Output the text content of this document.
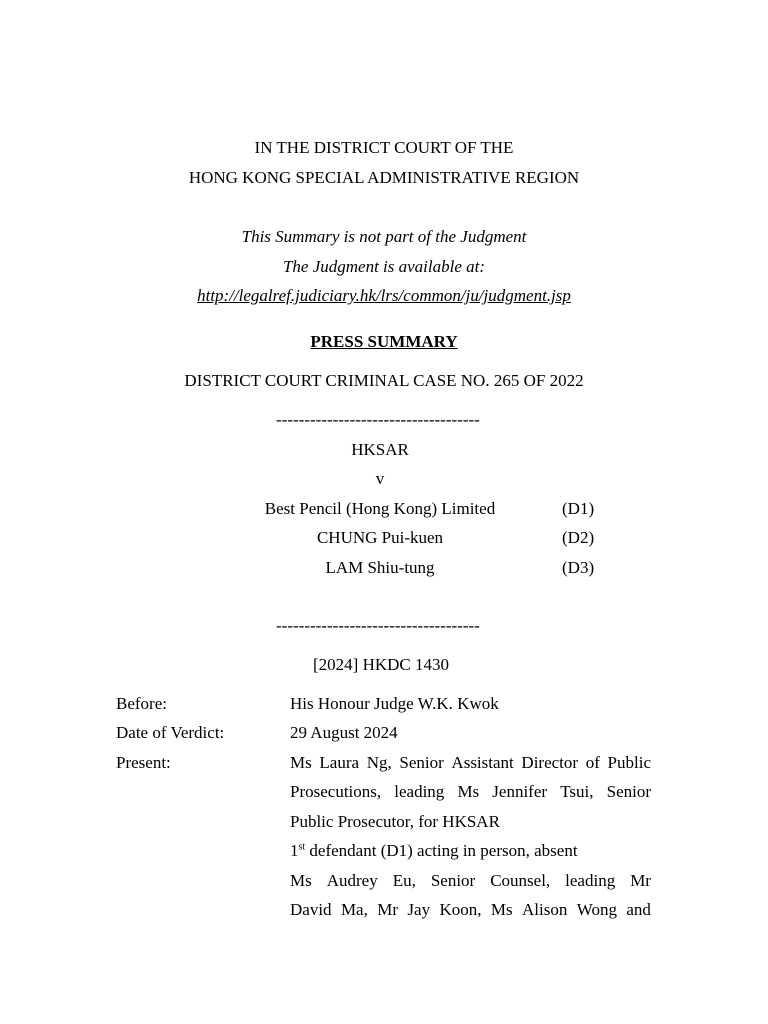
IN THE DISTRICT COURT OF THE
HONG KONG SPECIAL ADMINISTRATIVE REGION
This Summary is not part of the Judgment
The Judgment is available at:
http://legalref.judiciary.hk/lrs/common/ju/judgment.jsp
PRESS SUMMARY
DISTRICT COURT CRIMINAL CASE NO. 265 OF 2022
------------------------------------
HKSAR
v
Best Pencil (Hong Kong) Limited	(D1)
CHUNG Pui-kuen	(D2)
LAM Shiu-tung	(D3)
------------------------------------
[2024] HKDC 1430
Before:	His Honour Judge W.K. Kwok
Date of Verdict:	29 August 2024
Present:	Ms Laura Ng, Senior Assistant Director of Public
Prosecutions, leading Ms Jennifer Tsui, Senior
Public Prosecutor, for HKSAR
1st defendant (D1) acting in person, absent
Ms Audrey Eu, Senior Counsel, leading Mr
David Ma, Mr Jay Koon, Ms Alison Wong and
